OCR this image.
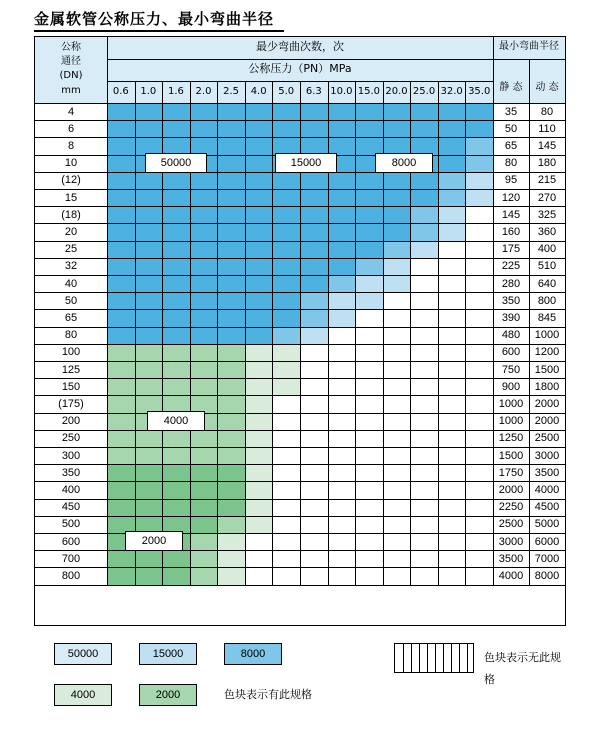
金属软管公称压力、最小弯曲半径
公称
通径
(DN)
mm
最少弯曲次数，次
公称压力（PN）MPa
最小弯曲半径
静 态	动 态
0.6	1.0	1.6	2.0	2.5	4.0	5.0	6.3 10.0 15.0 20.0 25.0 32.0 35.0
4	35	80
6	50	110
8	65	145
10	80	180
(12)	95	215
15	120	270
(18)	145	325
20	160	360
25	175	400
32	225	510
40	280	640
50	350	800
65	390	845
80	480	1000
100	600	1200
125	750	1500
150	900	1800
(175)	1000	2000
200	1000	2000
250	1250	2500
300	1500	3000
350	1750	3500
400	2000	4000
450	2250	4500
500	2500	5000
600	3000	6000
700	3500	7000
800	4000	8000
50000	15000	8000
4000
2000
50000	15000	8000
4000	2000	色块表示有此规格
色块表示无此规格
